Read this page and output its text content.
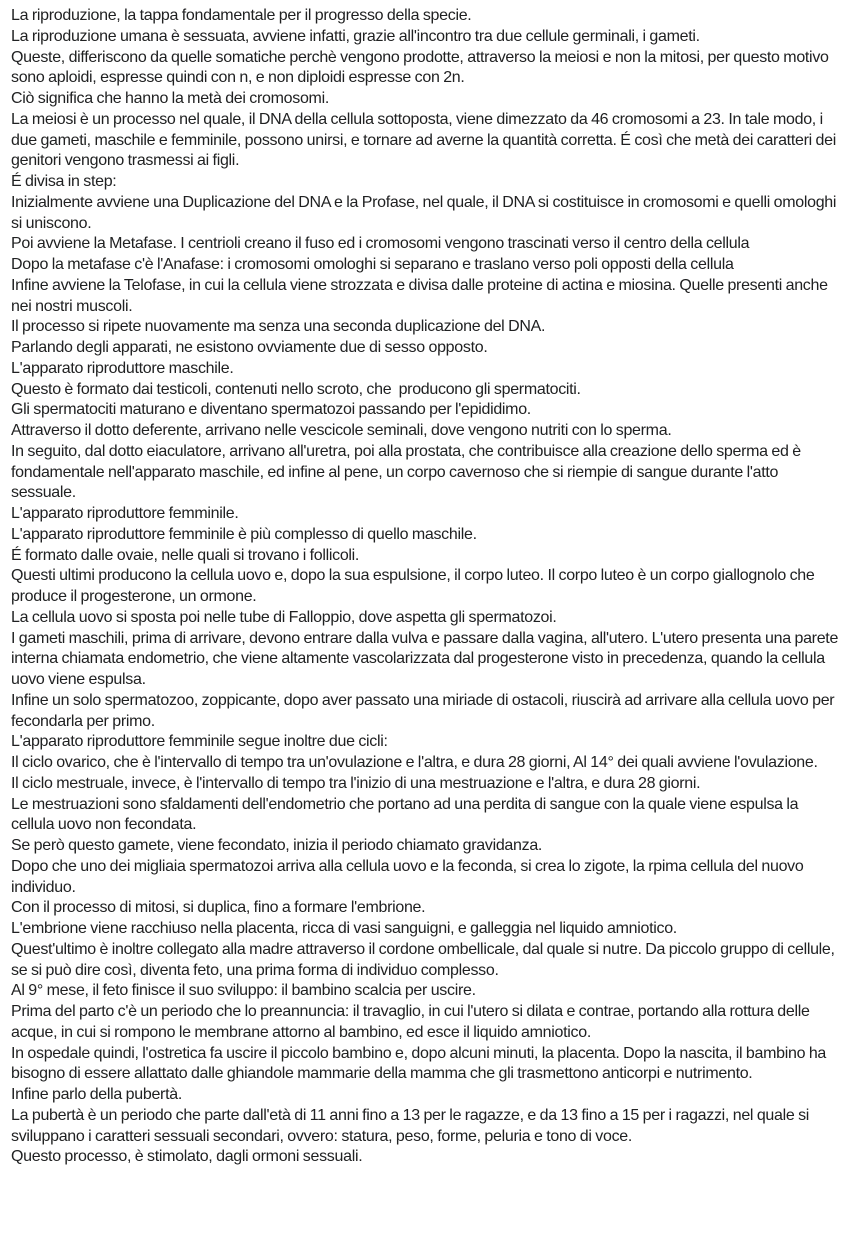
La riproduzione, la tappa fondamentale per il progresso della specie.

La riproduzione umana è sessuata, avviene infatti, grazie all'incontro tra due cellule germinali, i gameti.

Queste, differiscono da quelle somatiche perchè vengono prodotte, attraverso la meiosi e non la mitosi, per questo motivo sono aploidi, espresse quindi con n, e non diploidi espresse con 2n.

Ciò significa che hanno la metà dei cromosomi.

La meiosi è un processo nel quale, il DNA della cellula sottoposta, viene dimezzato da 46 cromosomi a 23. In tale modo, i due gameti, maschile e femminile, possono unirsi, e tornare ad averne la quantità corretta. É così che metà dei caratteri dei genitori vengono trasmessi ai figli.

É divisa in step:

Inizialmente avviene una Duplicazione del DNA e la Profase, nel quale, il DNA si costituisce in cromosomi e quelli omologhi si uniscono.

Poi avviene la Metafase. I centrioli creano il fuso ed i cromosomi vengono trascinati verso il centro della cellula

Dopo la metafase c'è l'Anafase: i cromosomi omologhi si separano e traslano verso poli opposti della cellula

Infine avviene la Telofase, in cui la cellula viene strozzata e divisa dalle proteine di actina e miosina. Quelle presenti anche nei nostri muscoli.

Il processo si ripete nuovamente ma senza una seconda duplicazione del DNA.

Parlando degli apparati, ne esistono ovviamente due di sesso opposto.

L'apparato riproduttore maschile.

Questo è formato dai testicoli, contenuti nello scroto, che  producono gli spermatociti.

Gli spermatociti maturano e diventano spermatozoi passando per l'epididimo.

Attraverso il dotto deferente, arrivano nelle vescicole seminali, dove vengono nutriti con lo sperma.

In seguito, dal dotto eiaculatore, arrivano all'uretra, poi alla prostata, che contribuisce alla creazione dello sperma ed è fondamentale nell'apparato maschile, ed infine al pene, un corpo cavernoso che si riempie di sangue durante l'atto sessuale.

L'apparato riproduttore femminile.

L'apparato riproduttore femminile è più complesso di quello maschile.

É formato dalle ovaie, nelle quali si trovano i follicoli.

Questi ultimi producono la cellula uovo e, dopo la sua espulsione, il corpo luteo. Il corpo luteo è un corpo giallognolo che produce il progesterone, un ormone.

La cellula uovo si sposta poi nelle tube di Falloppio, dove aspetta gli spermatozoi.

I gameti maschili, prima di arrivare, devono entrare dalla vulva e passare dalla vagina, all'utero. L'utero presenta una parete interna chiamata endometrio, che viene altamente vascolarizzata dal progesterone visto in precedenza, quando la cellula uovo viene espulsa.

Infine un solo spermatozoo, zoppicante, dopo aver passato una miriade di ostacoli, riuscirà ad arrivare alla cellula uovo per fecondarla per primo.

L'apparato riproduttore femminile segue inoltre due cicli:

Il ciclo ovarico, che è l'intervallo di tempo tra un'ovulazione e l'altra, e dura 28 giorni, Al 14° dei quali avviene l'ovulazione.

Il ciclo mestruale, invece, è l'intervallo di tempo tra l'inizio di una mestruazione e l'altra, e dura 28 giorni.

Le mestruazioni sono sfaldamenti dell'endometrio che portano ad una perdita di sangue con la quale viene espulsa la cellula uovo non fecondata.

Se però questo gamete, viene fecondato, inizia il periodo chiamato gravidanza.

Dopo che uno dei migliaia spermatozoi arriva alla cellula uovo e la feconda, si crea lo zigote, la rpima cellula del nuovo individuo.

Con il processo di mitosi, si duplica, fino a formare l'embrione.

L'embrione viene racchiuso nella placenta, ricca di vasi sanguigni, e galleggia nel liquido amniotico.

Quest'ultimo è inoltre collegato alla madre attraverso il cordone ombellicale, dal quale si nutre. Da piccolo gruppo di cellule, se si può dire così, diventa feto, una prima forma di individuo complesso.

Al 9° mese, il feto finisce il suo sviluppo: il bambino scalcia per uscire.

Prima del parto c'è un periodo che lo preannuncia: il travaglio, in cui l'utero si dilata e contrae, portando alla rottura delle acque, in cui si rompono le membrane attorno al bambino, ed esce il liquido amniotico.

In ospedale quindi, l'ostretica fa uscire il piccolo bambino e, dopo alcuni minuti, la placenta. Dopo la nascita, il bambino ha bisogno di essere allattato dalle ghiandole mammarie della mamma che gli trasmettono anticorpi e nutrimento.

Infine parlo della pubertà.

La pubertà è un periodo che parte dall'età di 11 anni fino a 13 per le ragazze, e da 13 fino a 15 per i ragazzi, nel quale si sviluppano i caratteri sessuali secondari, ovvero: statura, peso, forme, peluria e tono di voce.

Questo processo, è stimolato, dagli ormoni sessuali.
